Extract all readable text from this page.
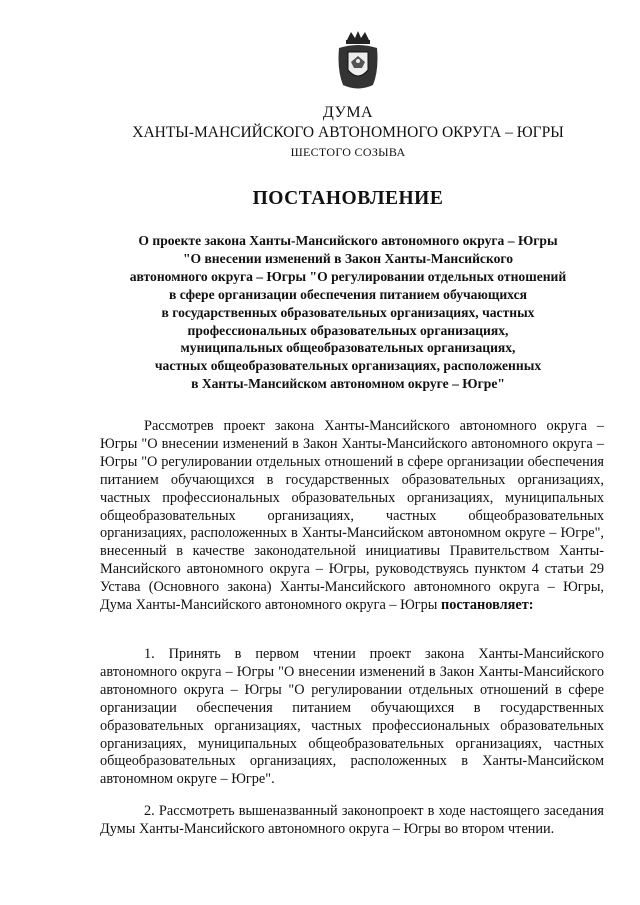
ДУМА
ХАНТЫ-МАНСИЙСКОГО АВТОНОМНОГО ОКРУГА – ЮГРЫ
ШЕСТОГО СОЗЫВА
ПОСТАНОВЛЕНИЕ
О проекте закона Ханты-Мансийского автономного округа – Югры
"О внесении изменений в Закон Ханты-Мансийского
автономного округа – Югры "О регулировании отдельных отношений
в сфере организации обеспечения питанием обучающихся
в государственных образовательных организациях, частных
профессиональных образовательных организациях,
муниципальных общеобразовательных организациях,
частных общеобразовательных организациях, расположенных
в Ханты-Мансийском автономном округе – Югре"

Рассмотрев проект закона Ханты-Мансийского автономного округа – Югры "О внесении изменений в Закон Ханты-Мансийского автономного округа – Югры "О регулировании отдельных отношений в сфере организации обеспечения питанием обучающихся в государственных образовательных организациях, частных профессиональных образовательных организациях, муниципальных общеобразовательных организациях, частных общеобразовательных организациях, расположенных в Ханты-Мансийском автономном округе – Югре", внесенный в качестве законодательной инициативы Правительством Ханты-Мансийского автономного округа – Югры, руководствуясь пунктом 4 статьи 29 Устава (Основного закона) Ханты-Мансийского автономного округа – Югры, Дума Ханты-Мансийского автономного округа – Югры постановляет:

1. Принять в первом чтении проект закона Ханты-Мансийского автономного округа – Югры "О внесении изменений в Закон Ханты-Мансийского автономного округа – Югры "О регулировании отдельных отношений в сфере организации обеспечения питанием обучающихся в государственных образовательных организациях, частных профессиональных образовательных организациях, муниципальных общеобразовательных организациях, частных общеобразовательных организациях, расположенных в Ханты-Мансийском автономном округе – Югре".

2. Рассмотреть вышеназванный законопроект в ходе настоящего заседания Думы Ханты-Мансийского автономного округа – Югры во втором чтении.
